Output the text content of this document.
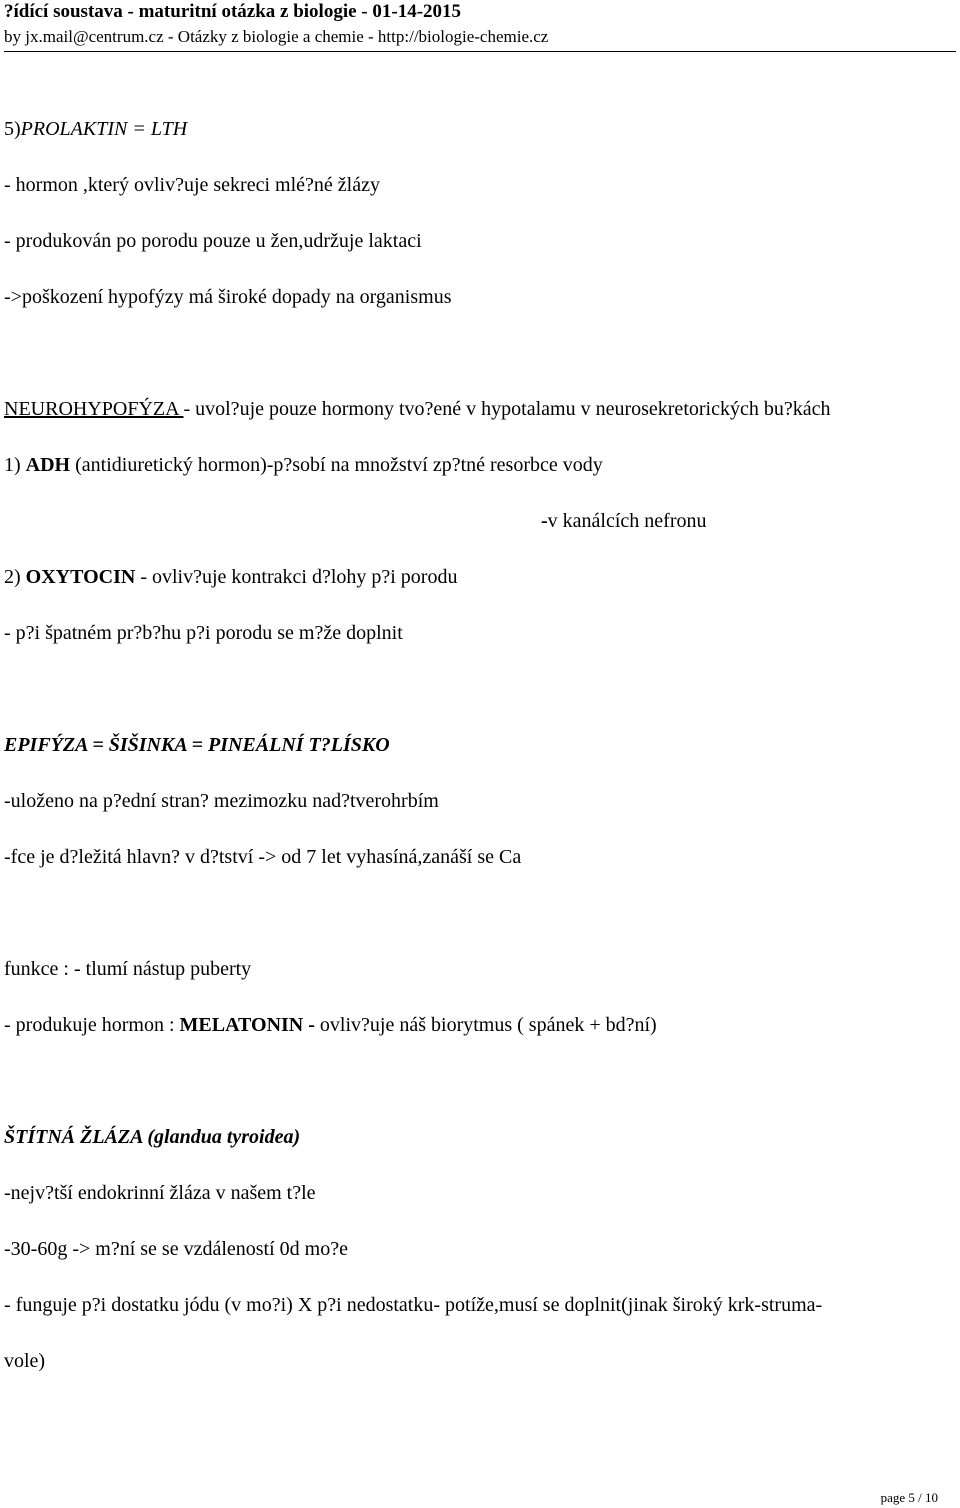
?ídící soustava - maturitní otázka z biologie - 01-14-2015
by jx.mail@centrum.cz - Otázky z biologie a chemie - http://biologie-chemie.cz
5)PROLAKTIN = LTH
- hormon ,který ovliv?uje sekreci mlé?né žlázy
- produkován po porodu pouze u žen,udržuje laktaci
->poškození hypofýzy má široké dopady na organismus
NEUROHYPOFÝZA - uvol?uje pouze hormony tvo?ené v hypotalamu v neurosekretorických bu?kách
1) ADH (antidiuretický hormon)-p?sobí na množství zp?tné resorbce vody
-v kanálcích nefronu
2) OXYTOCIN - ovliv?uje kontrakci d?lohy p?i porodu
- p?i špatném pr?b?hu p?i porodu se m?že doplnit
EPIFÝZA = ŠIŠINKA = PINEÁLNÍ T?LÍSKO
-uloženo na p?ední stran? mezimozku nad?tverohrbím
-fce je d?ležitá hlavn? v d?tství -> od 7 let vyhasíná,zanáší se Ca
funkce : - tlumí nástup puberty
- produkuje hormon : MELATONIN - ovliv?uje náš biorytmus ( spánek + bd?ní)
ŠTÍTNÁ ŽLÁZA (glandua tyroidea)
-nejv?tší endokrinní žláza v našem t?le
-30-60g -> m?ní se se vzdáleností 0d mo?e
- funguje p?i dostatku jódu (v mo?i) X p?i nedostatku- potíže,musí se doplnit(jinak široký krk-struma-
vole)
page 5 / 10
